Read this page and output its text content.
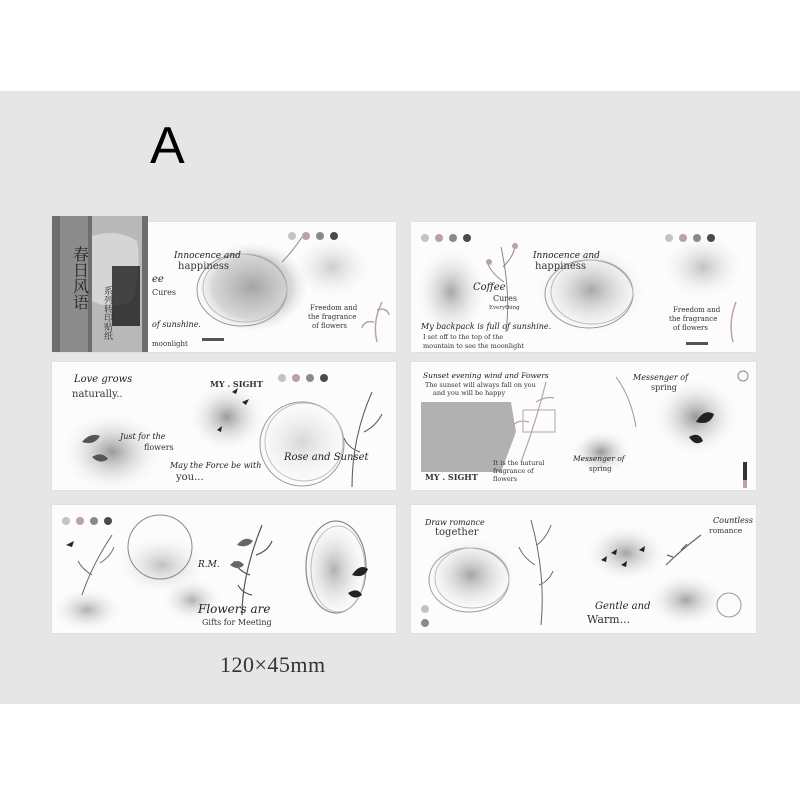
A
Innocence and
happiness
Freedom and
the fragrance
of flowers
of sunshine.
moonlight
ee
Cures
春日风语
系列转印贴纸
Innocence and
happiness
Coffee
Cures
Everything	Freedom and
the fragrance
of flowers
My backpack is full of sunshine.
I set off to the top of the
mountain to see the moonlight
Love grows
naturally..
MY . SIGHT
Just for the
flowers
May the Force be with
you...
Rose and Sunset
Sunset evening wind and Fowers
The sunset will always fall on you
and you will be happy
Messenger of
spring
It is the natural
fragrance of
flowers
Messenger of
spring
MY . SIGHT
R.M.
Flowers are
Gifts for Meeting
Draw romance
together
Countless
romance
Gentle and
Warm...
120×45mm
